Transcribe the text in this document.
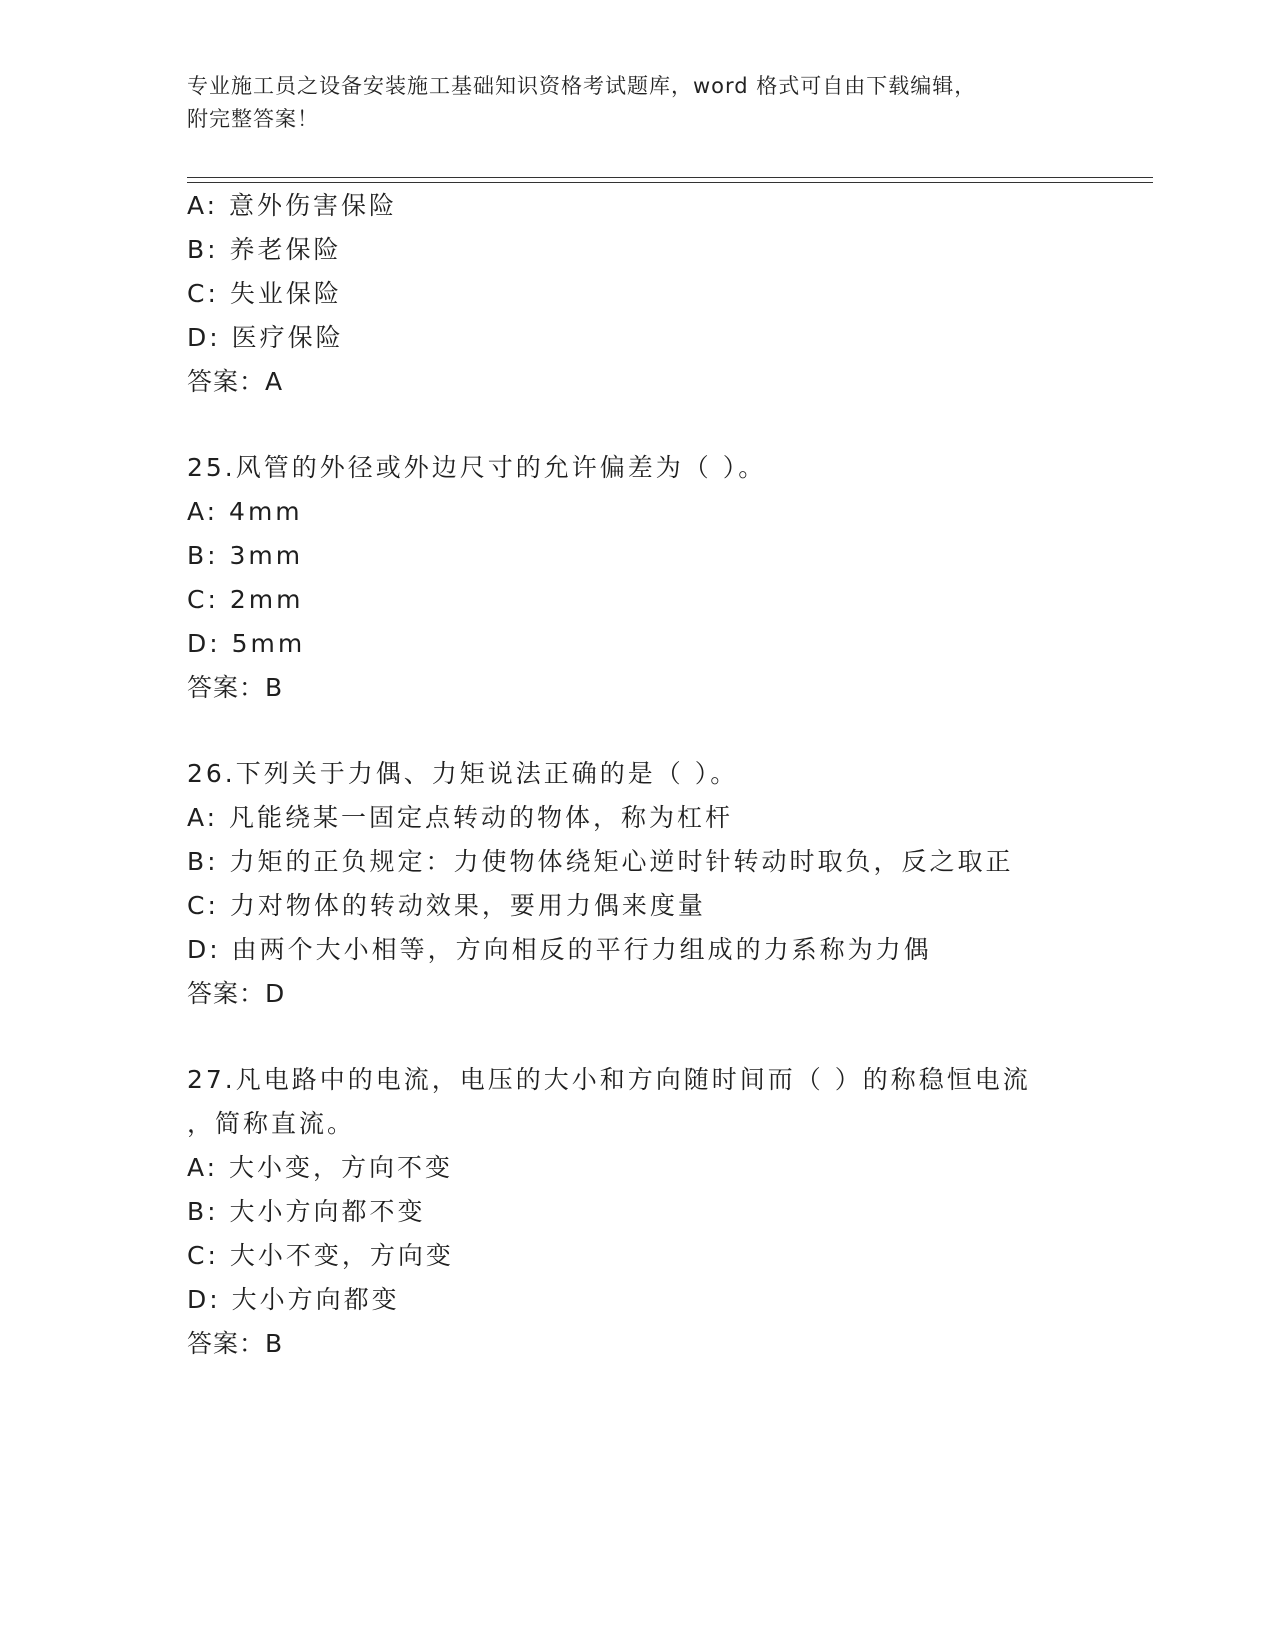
专业施工员之设备安装施工基础知识资格考试题库，word 格式可自由下载编辑，
附完整答案！
A: 意外伤害保险
B: 养老保险
C: 失业保险
D: 医疗保险
答案：A
25.风管的外径或外边尺寸的允许偏差为（ ）。
A: 4mm
B: 3mm
C: 2mm
D: 5mm
答案：B
26.下列关于力偶、力矩说法正确的是（ ）。
A: 凡能绕某一固定点转动的物体，称为杠杆
B: 力矩的正负规定：力使物体绕矩心逆时针转动时取负，反之取正
C: 力对物体的转动效果，要用力偶来度量
D: 由两个大小相等，方向相反的平行力组成的力系称为力偶
答案：D
27.凡电路中的电流，电压的大小和方向随时间而（ ）的称稳恒电流
，简称直流。
A: 大小变，方向不变
B: 大小方向都不变
C: 大小不变，方向变
D: 大小方向都变
答案：B
